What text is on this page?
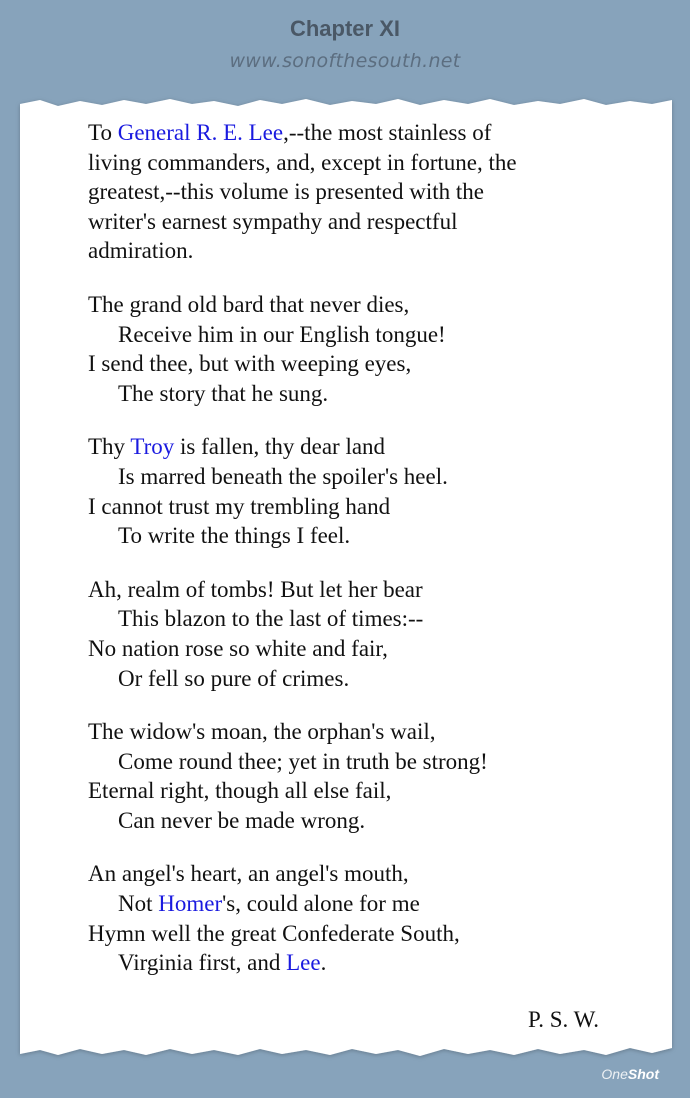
Chapter XI
www.sonofthesouth.net
To General R. E. Lee,--the most stainless of
living commanders, and, except in fortune, the
greatest,--this volume is presented with the
writer's earnest sympathy and respectful
admiration.
The grand old bard that never dies,
Receive him in our English tongue!
I send thee, but with weeping eyes,
The story that he sung.
Thy Troy is fallen, thy dear land
Is marred beneath the spoiler's heel.
I cannot trust my trembling hand
To write the things I feel.
Ah, realm of tombs! But let her bear
This blazon to the last of times:--
No nation rose so white and fair,
Or fell so pure of crimes.
The widow's moan, the orphan's wail,
Come round thee; yet in truth be strong!
Eternal right, though all else fail,
Can never be made wrong.
An angel's heart, an angel's mouth,
Not Homer's, could alone for me
Hymn well the great Confederate South,
Virginia first, and Lee.
P. S. W.
OneShot
